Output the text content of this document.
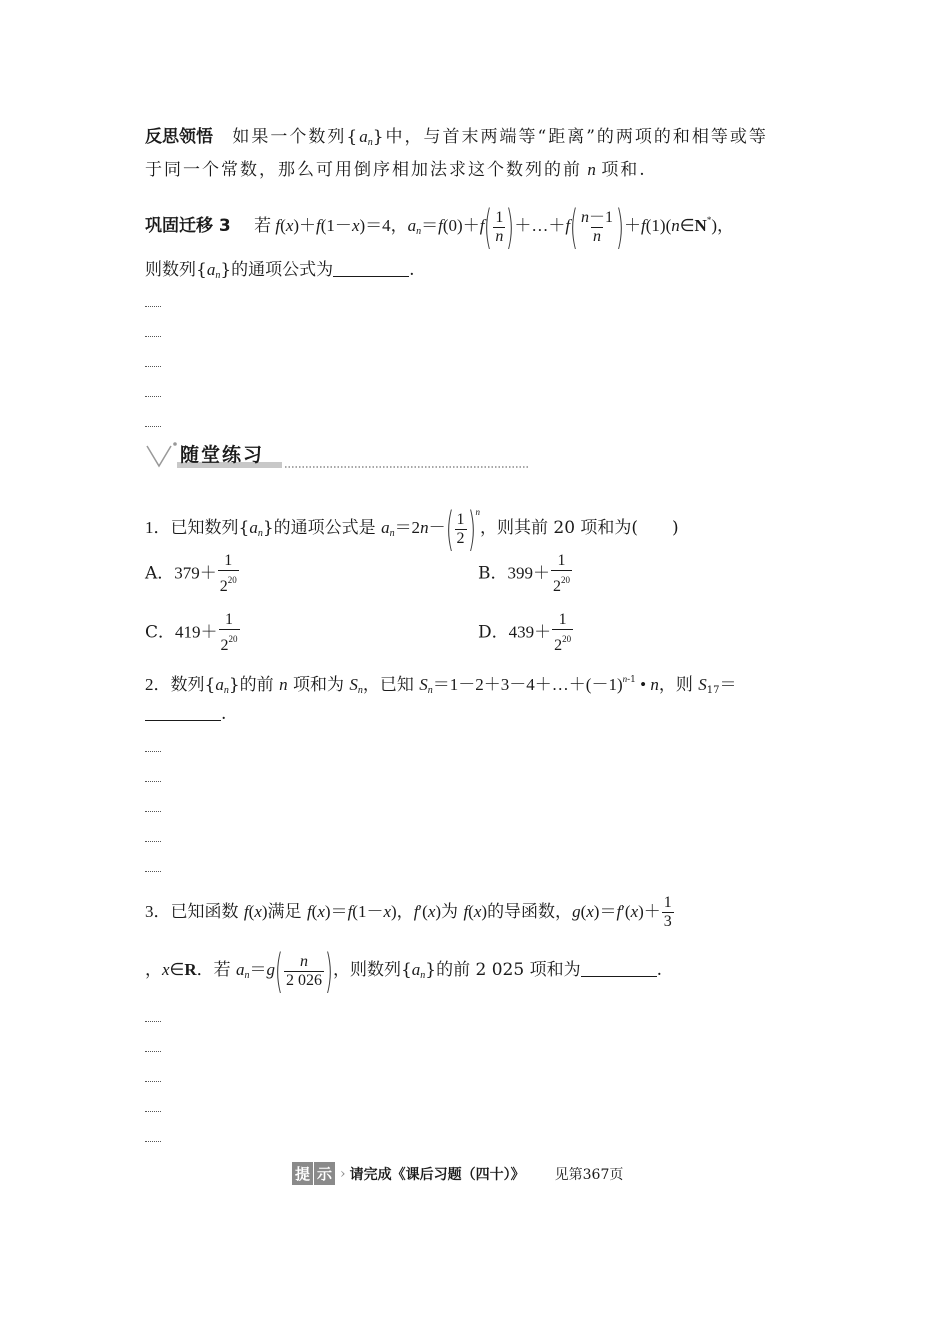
反思领悟 如果一个数列$\{a_n\}$中，与首末两端等“距离”的两项的和相等或等
于同一个常数，那么可用倒序相加法求这个数列的前 n 项和.
巩固迁移 3 若 f(x)＋f(1－x)＝4，$a_n=f(0)+f( \frac{1}{n}$ )＋…＋f( $\frac{n-1}{n}$ )＋f(1)(n∈N*)，
则数列$\{a_n\}$的通项公式为	.
随堂练习
1．已知数列$\{a_n\}$的通项公式是 $a_n=2n-( \frac{1}{2} )^n$，则其前 20 项和为(　　)
A．$379+ \frac{1}{2^{20}}$	B．$399+ \frac{1}{2^{20}}$
C．$419+ \frac{1}{2^{20}}$	D．$439+ \frac{1}{2^{20}}$
2．数列$\{a_n\}$的前 n 项和为 $S_n$，已知 $S_n=1-2+3-4+\dots+(-1)^{n-1}$ • n，则 $S_{17}=$
.
3．已知函数 f(x)满足 f(x)＝f(1－x)，f′(x)为 f(x)的导函数，$g(x)=f'(x)+ \frac{1}{3}$
，x∈R．若 $a_n=g( \frac{n}{2 026}$ )，则数列$\{a_n\}$的前 2 025 项和为	.
提 示 › 请完成《课后习题（四十）》 见第367页
